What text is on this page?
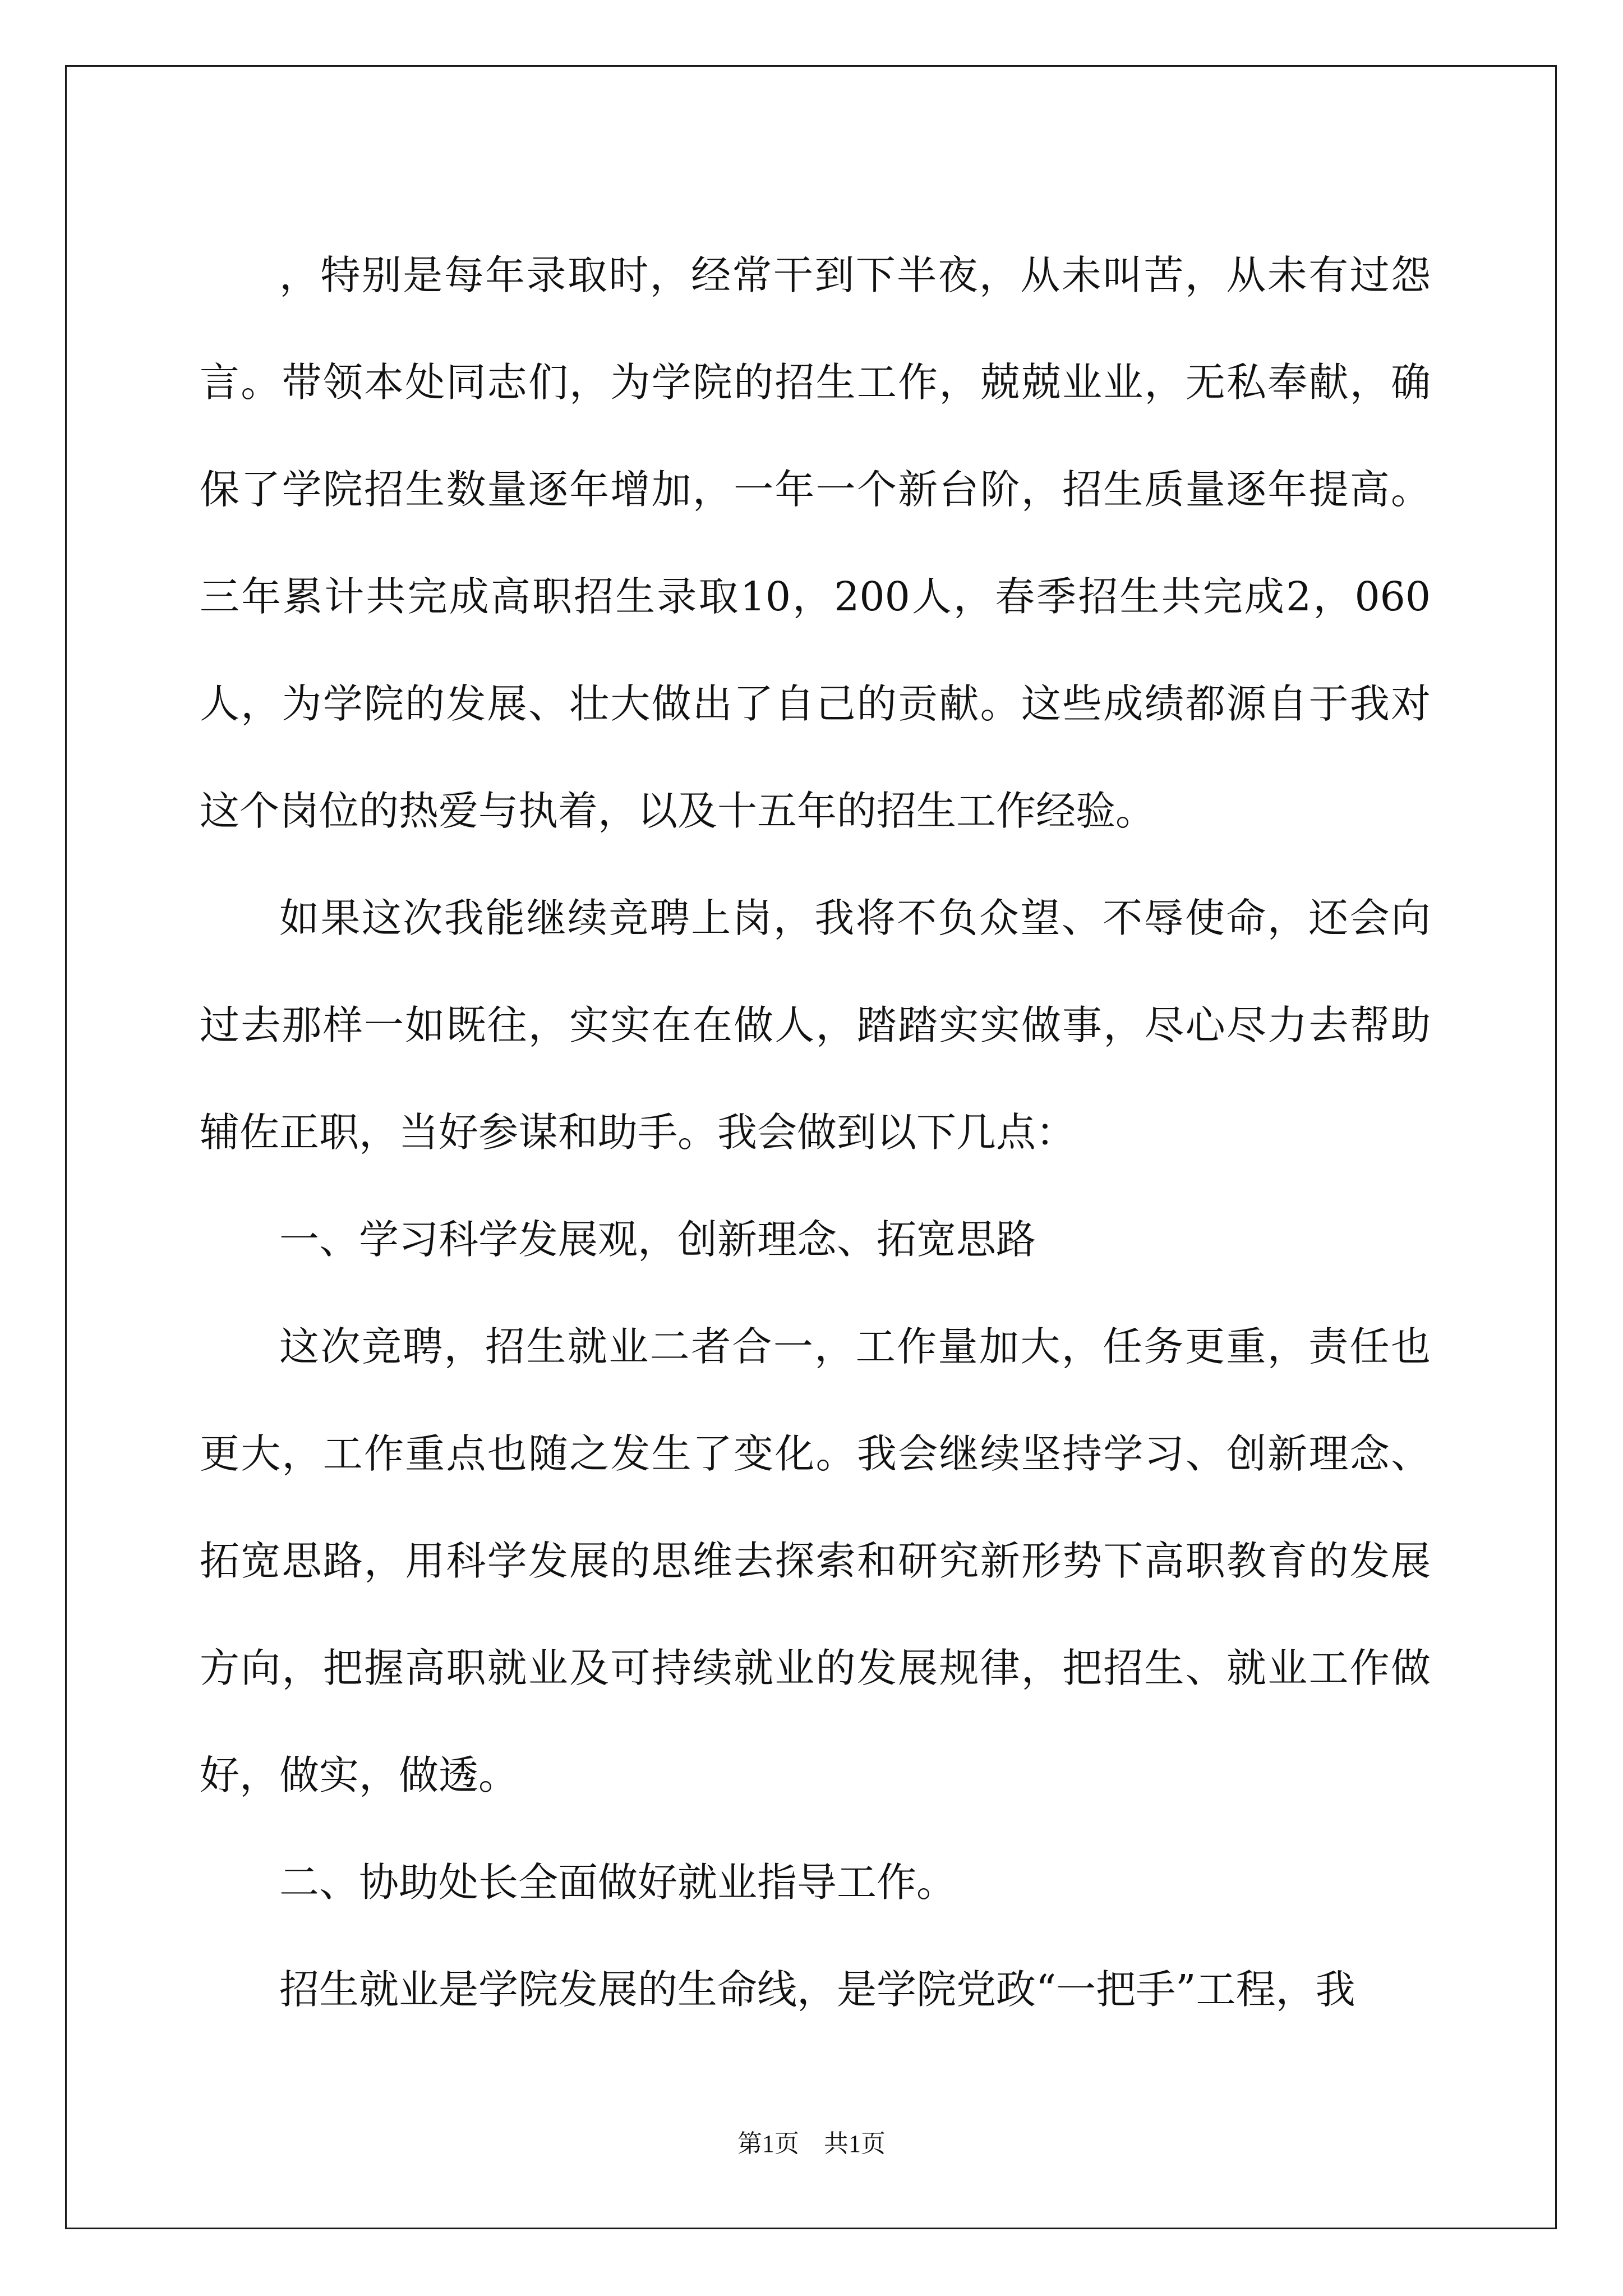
，特别是每年录取时，经常干到下半夜，从未叫苦，从未有过怨言。带领本处同志们，为学院的招生工作，兢兢业业，无私奉献，确保了学院招生数量逐年增加，一年一个新台阶，招生质量逐年提高。三年累计共完成高职招生录取10，200人，春季招生共完成2，060人，为学院的发展、壮大做出了自己的贡献。这些成绩都源自于我对这个岗位的热爱与执着，以及十五年的招生工作经验。

如果这次我能继续竞聘上岗，我将不负众望、不辱使命，还会向过去那样一如既往，实实在在做人，踏踏实实做事，尽心尽力去帮助辅佐正职，当好参谋和助手。我会做到以下几点：

一、学习科学发展观，创新理念、拓宽思路

这次竞聘，招生就业二者合一，工作量加大，任务更重，责任也更大，工作重点也随之发生了变化。我会继续坚持学习、创新理念、拓宽思路，用科学发展的思维去探索和研究新形势下高职教育的发展方向，把握高职就业及可持续就业的发展规律，把招生、就业工作做好，做实，做透。

二、协助处长全面做好就业指导工作。

招生就业是学院发展的生命线，是学院党政“一把手”工程，我

第1页　共1页
